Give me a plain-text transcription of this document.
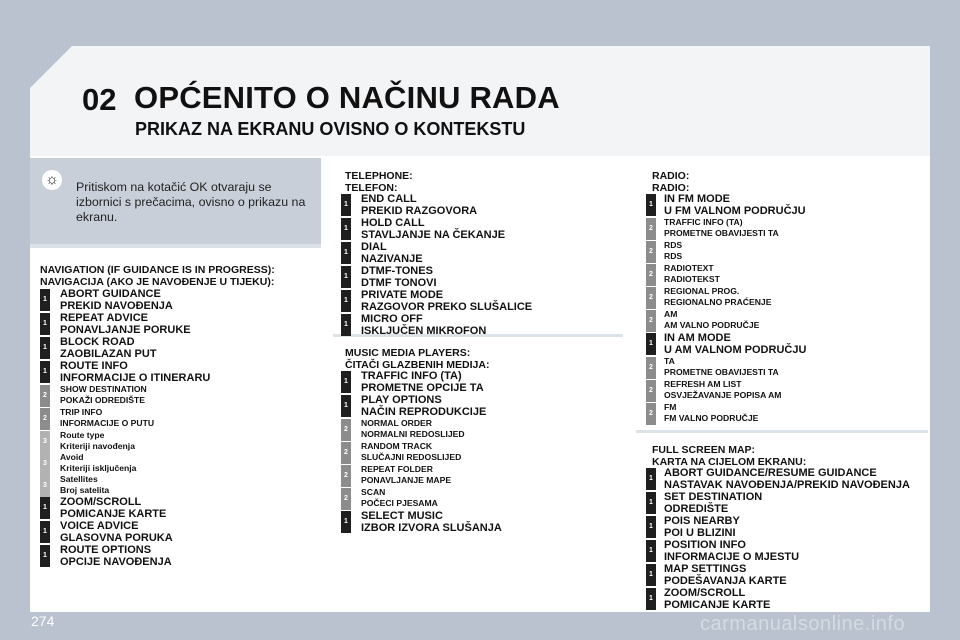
02 OPĆENITO O NAČINU RADA
PRIKAZ NA EKRANU OVISNO O KONTEKSTU
☼ Pritiskom na kotačić OK otvaraju se izbornici s prečacima, ovisno o prikazu na ekranu.
NAVIGATION (IF GUIDANCE IS IN PROGRESS):
NAVIGACIJA (AKO JE NAVOĐENJE U TIJEKU):
TELEPHONE:
TELEFON:
MUSIC MEDIA PLAYERS:
ČITAČI GLAZBENIH MEDIJA:
RADIO:
RADIO:
FULL SCREEN MAP:
KARTA NA CIJELOM EKRANU:
274	carmanualsonline.info
1 ABORT GUIDANCE
PREKID NAVOĐENJA
1 REPEAT ADVICE
PONAVLJANJE PORUKE
1 BLOCK ROAD
ZAOBILAZAN PUT
1 ROUTE INFO
INFORMACIJE O ITINERARU
2
SHOW DESTINATION
POKAŽI ODREDIŠTE
2
TRIP INFO
INFORMACIJE O PUTU
3
Route type
Kriteriji navođenja
3
Avoid
Kriteriji isključenja
3
Satellites
Broj satelita
1 ZOOM/SCROLL
POMICANJE KARTE
1 VOICE ADVICE
GLASOVNA PORUKA
1 ROUTE OPTIONS
OPCIJE NAVOĐENJA
1 END CALL
PREKID RAZGOVORA
1 HOLD CALL
STAVLJANJE NA ČEKANJE
1 DIAL
NAZIVANJE
1 DTMF-TONES
DTMF TONOVI
1 PRIVATE MODE
RAZGOVOR PREKO SLUŠALICE
1 MICRO OFF
ISKLJUČEN MIKROFON
1 TRAFFIC INFO (TA)
PROMETNE OPCIJE TA
1 PLAY OPTIONS
NAČIN REPRODUKCIJE
2
NORMAL ORDER
NORMALNI REDOSLIJED
2
RANDOM TRACK
SLUČAJNI REDOSLIJED
2
REPEAT FOLDER
PONAVLJANJE MAPE
2
SCAN
POČECI PJESAMA
1 SELECT MUSIC
IZBOR IZVORA SLUŠANJA
1 IN FM MODE
U FM VALNOM PODRUČJU
2
TRAFFIC INFO (TA)
PROMETNE OBAVIJESTI TA
2
RDS
RDS
2
RADIOTEXT
RADIOTEKST
2
REGIONAL PROG.
REGIONALNO PRAĆENJE
2
AM
AM VALNO PODRUČJE
1 IN AM MODE
U AM VALNOM PODRUČJU
2
TA
PROMETNE OBAVIJESTI TA
2
REFRESH AM LIST
OSVJEŽAVANJE POPISA AM
2
FM
FM VALNO PODRUČJE
1 ABORT GUIDANCE/RESUME GUIDANCE
NASTAVAK NAVOĐENJA/PREKID NAVOĐENJA
1 SET DESTINATION
ODREDIŠTE
1 POIS NEARBY
POI U BLIZINI
1 POSITION INFO
INFORMACIJE O MJESTU
1 MAP SETTINGS
PODEŠAVANJA KARTE
1 ZOOM/SCROLL
POMICANJE KARTE
